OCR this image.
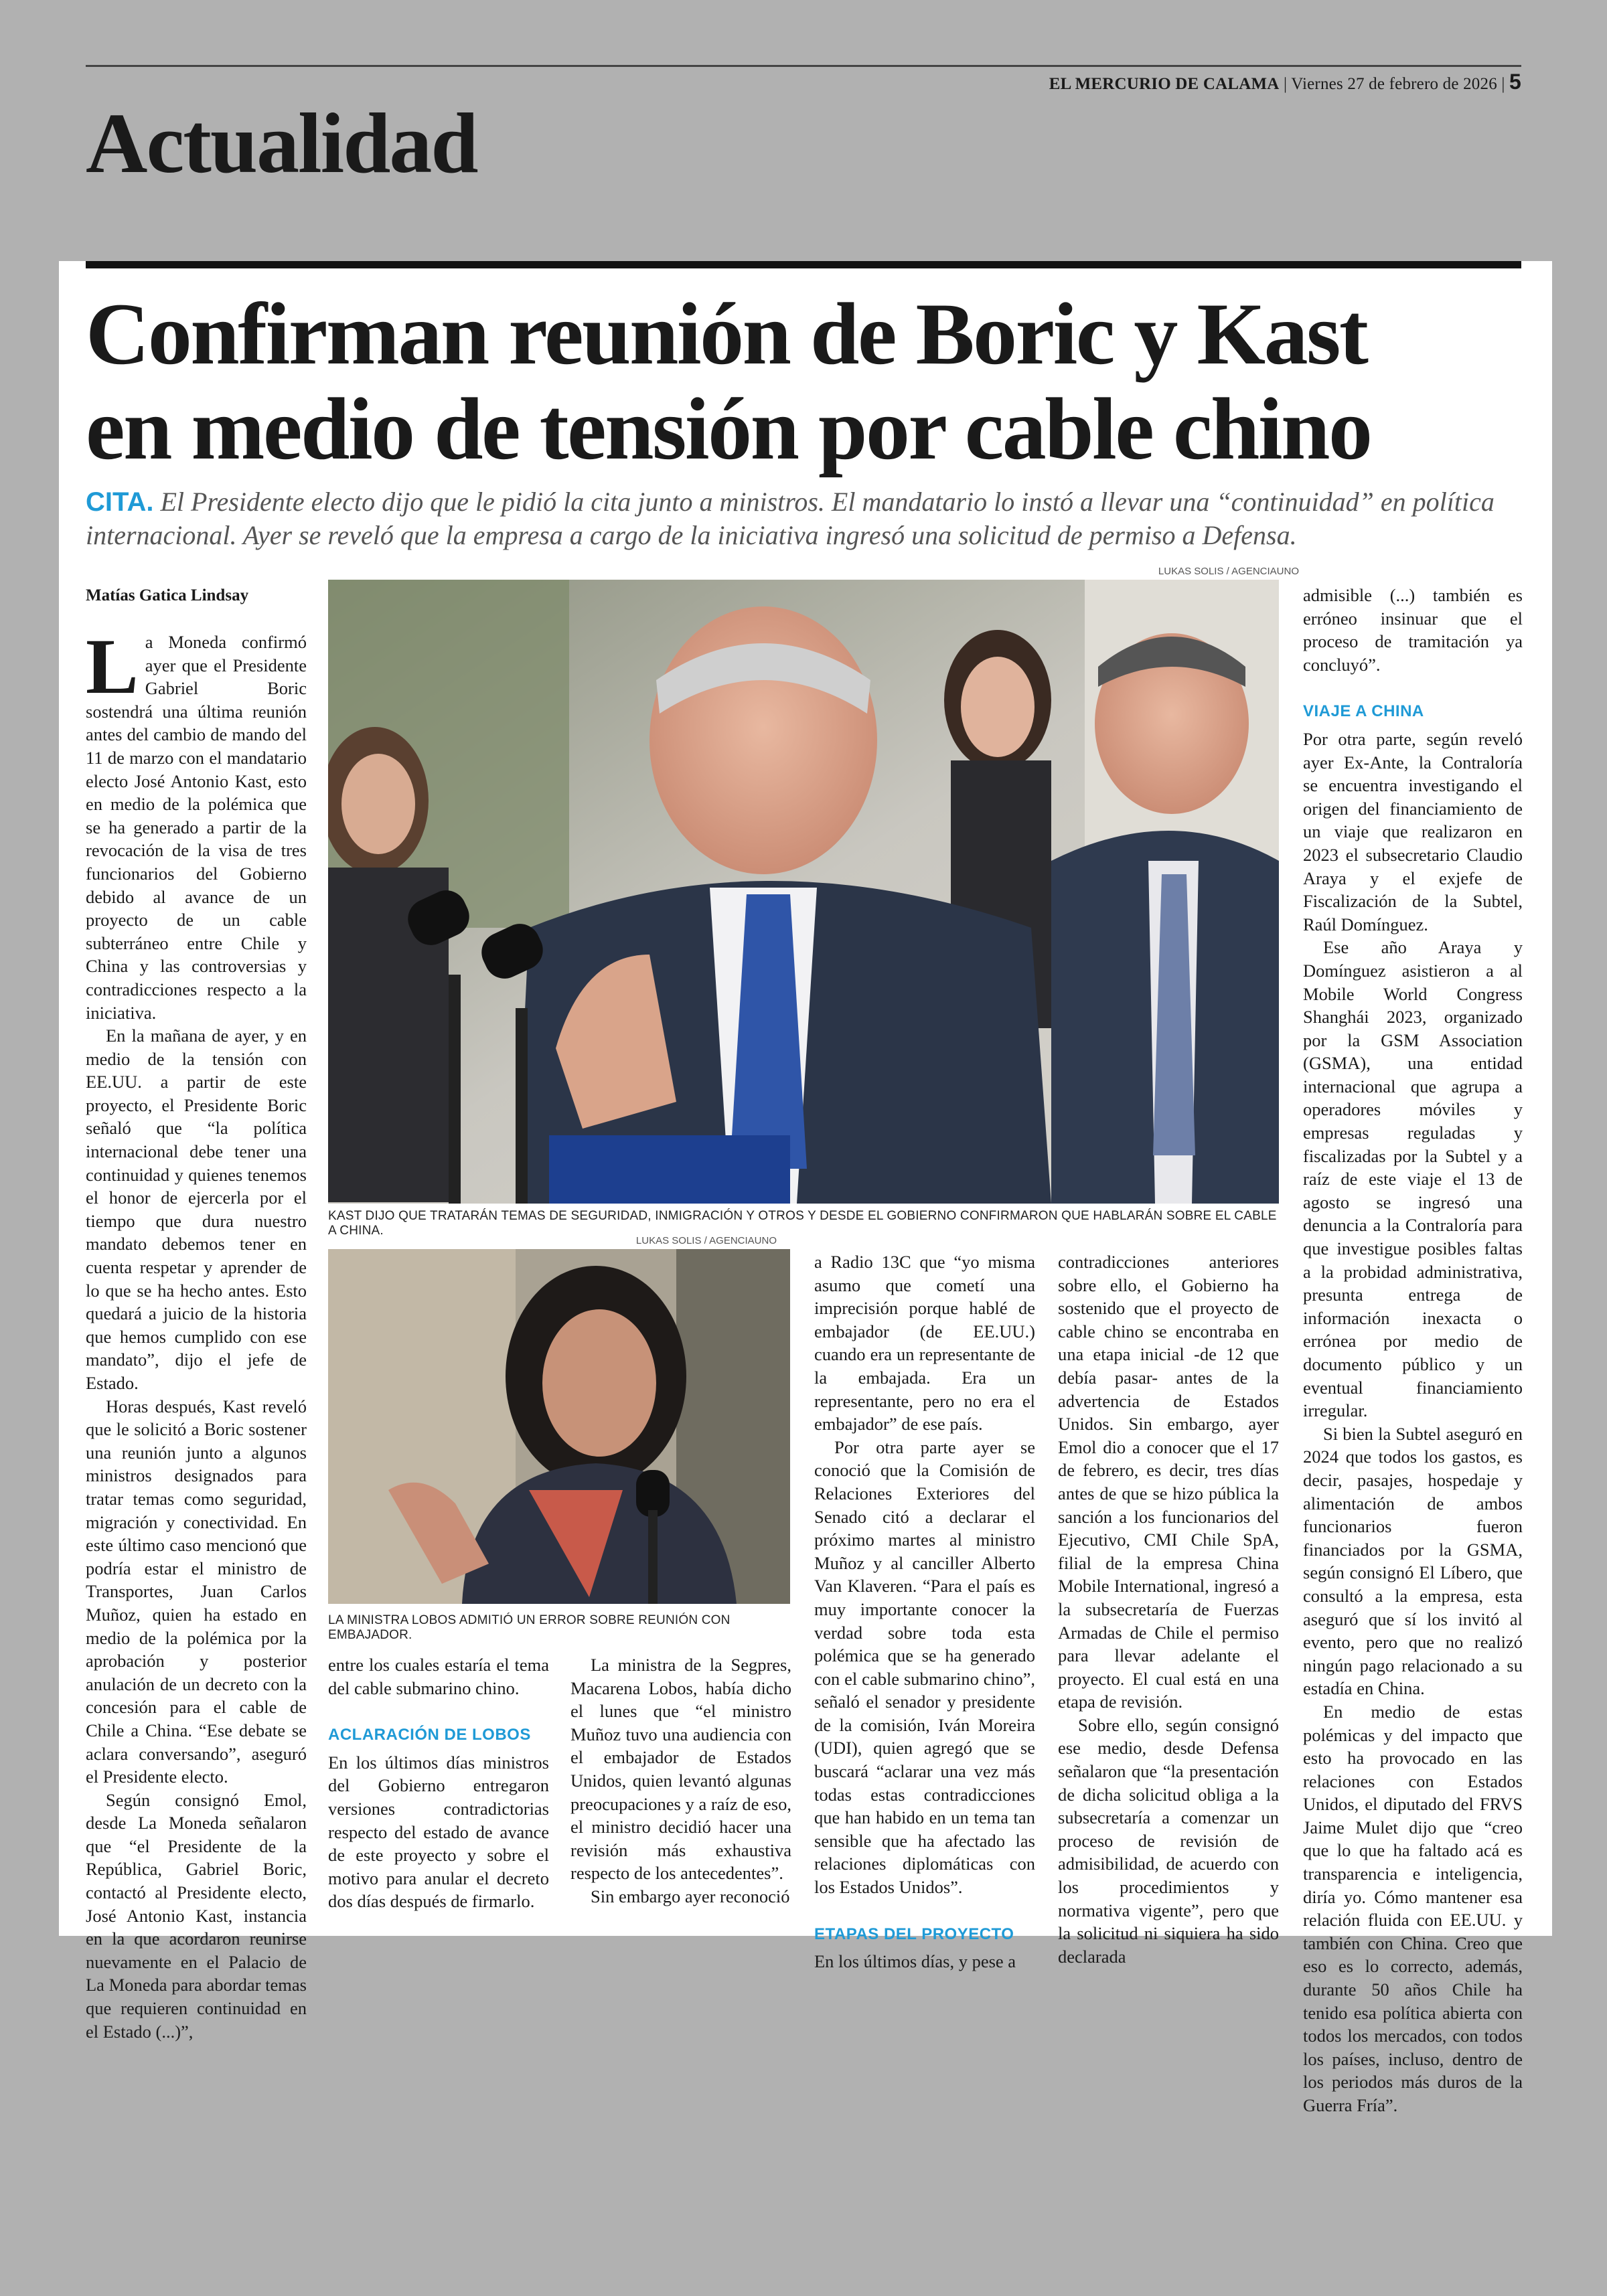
EL MERCURIO DE CALAMA | Viernes 27 de febrero de 2026 | 5
Actualidad
Confirman reunión de Boric y Kast
en medio de tensión por cable chino
CITA. El Presidente electo dijo que le pidió la cita junto a ministros. El mandatario lo instó a llevar una “continuidad” en política internacional. Ayer se reveló que la empresa a cargo de la iniciativa ingresó una solicitud de permiso a Defensa.
Matías Gatica Lindsay
LUKAS SOLIS / AGENCIAUNO
KAST DIJO QUE TRATARÁN TEMAS DE SEGURIDAD, INMIGRACIÓN Y OTROS Y DESDE EL GOBIERNO CONFIRMARON QUE HABLARÁN SOBRE EL CABLE A CHINA.
LUKAS SOLIS / AGENCIAUNO
LA MINISTRA LOBOS ADMITIÓ UN ERROR SOBRE REUNIÓN CON EMBAJADOR.

La Moneda confirmó ayer que el Presidente Gabriel Boric sostendrá una última reunión antes del cambio de mando del 11 de marzo con el mandatario electo José Antonio Kast, esto en medio de la polémica que se ha generado a partir de la revocación de la visa de tres funcionarios del Gobierno debido al avance de un proyecto de un cable subterráneo entre Chile y China y las controversias y contradicciones respecto a la iniciativa.

En la mañana de ayer, y en medio de la tensión con EE.UU. a partir de este proyecto, el Presidente Boric señaló que “la política internacional debe tener una continuidad y quienes tenemos el honor de ejercerla por el tiempo que dura nuestro mandato debemos tener en cuenta respetar y aprender de lo que se ha hecho antes. Esto quedará a juicio de la historia que hemos cumplido con ese mandato”, dijo el jefe de Estado.

Horas después, Kast reveló que le solicitó a Boric sostener una reunión junto a algunos ministros designados para tratar temas como seguridad, migración y conectividad. En este último caso mencionó que podría estar el ministro de Transportes, Juan Carlos Muñoz, quien ha estado en medio de la polémica por la aprobación y posterior anulación de un decreto con la concesión para el cable de Chile a China. “Ese debate se aclara conversando”, aseguró el Presidente electo.

Según consignó Emol, desde La Moneda señalaron que “el Presidente de la República, Gabriel Boric, contactó al Presidente electo, José Antonio Kast, instancia en la que acordaron reunirse nuevamente en el Palacio de La Moneda para abordar temas que requieren continuidad en el Estado (...)”,

entre los cuales estaría el tema del cable submarino chino.

ACLARACIÓN DE LOBOS

En los últimos días ministros del Gobierno entregaron versiones contradictorias respecto del estado de avance de este proyecto y sobre el motivo para anular el decreto dos días después de firmarlo.

La ministra de la Segpres, Macarena Lobos, había dicho el lunes que “el ministro Muñoz tuvo una audiencia con el embajador de Estados Unidos, quien levantó algunas preocupaciones y a raíz de eso, el ministro decidió hacer una revisión más exhaustiva respecto de los antecedentes”.

Sin embargo ayer reconoció

a Radio 13C que “yo misma asumo que cometí una imprecisión porque hablé de embajador (de EE.UU.) cuando era un representante de la embajada. Era un representante, pero no era el embajador” de ese país.

Por otra parte ayer se conoció que la Comisión de Relaciones Exteriores del Senado citó a declarar el próximo martes al ministro Muñoz y al canciller Alberto Van Klaveren. “Para el país es muy importante conocer la verdad sobre toda esta polémica que se ha generado con el cable submarino chino”, señaló el senador y presidente de la comisión, Iván Moreira (UDI), quien agregó que se buscará “aclarar una vez más todas estas contradicciones que han habido en un tema tan sensible que ha afectado las relaciones diplomáticas con los Estados Unidos”.

ETAPAS DEL PROYECTO

En los últimos días, y pese a

contradicciones anteriores sobre ello, el Gobierno ha sostenido que el proyecto de cable chino se encontraba en una etapa inicial -de 12 que debía pasar- antes de la advertencia de Estados Unidos. Sin embargo, ayer Emol dio a conocer que el 17 de febrero, es decir, tres días antes de que se hizo pública la sanción a los funcionarios del Ejecutivo, CMI Chile SpA, filial de la empresa China Mobile International, ingresó a la subsecretaría de Fuerzas Armadas de Chile el permiso para llevar adelante el proyecto. El cual está en una etapa de revisión.

Sobre ello, según consignó ese medio, desde Defensa señalaron que “la presentación de dicha solicitud obliga a la subsecretaría a comenzar un proceso de revisión de admisibilidad, de acuerdo con los procedimientos y normativa vigente”, pero que la solicitud ni siquiera ha sido declarada

admisible (...) también es erróneo insinuar que el proceso de tramitación ya concluyó”.

VIAJE A CHINA

Por otra parte, según reveló ayer Ex-Ante, la Contraloría se encuentra investigando el origen del financiamiento de un viaje que realizaron en 2023 el subsecretario Claudio Araya y el exjefe de Fiscalización de la Subtel, Raúl Domínguez.

Ese año Araya y Domínguez asistieron a al Mobile World Congress Shanghái 2023, organizado por la GSM Association (GSMA), una entidad internacional que agrupa a operadores móviles y empresas reguladas y fiscalizadas por la Subtel y a raíz de este viaje el 13 de agosto se ingresó una denuncia a la Contraloría para que investigue posibles faltas a la probidad administrativa, presunta entrega de información inexacta o errónea por medio de documento público y un eventual financiamiento irregular.

Si bien la Subtel aseguró en 2024 que todos los gastos, es decir, pasajes, hospedaje y alimentación de ambos funcionarios fueron financiados por la GSMA, según consignó El Líbero, que consultó a la empresa, esta aseguró que sí los invitó al evento, pero que no realizó ningún pago relacionado a su estadía en China.

En medio de estas polémicas y del impacto que esto ha provocado en las relaciones con Estados Unidos, el diputado del FRVS Jaime Mulet dijo que “creo que lo que ha faltado acá es transparencia e inteligencia, diría yo. Cómo mantener esa relación fluida con EE.UU. y también con China. Creo que eso es lo correcto, además, durante 50 años Chile ha tenido esa política abierta con todos los mercados, con todos los países, incluso, dentro de los periodos más duros de la Guerra Fría”.
